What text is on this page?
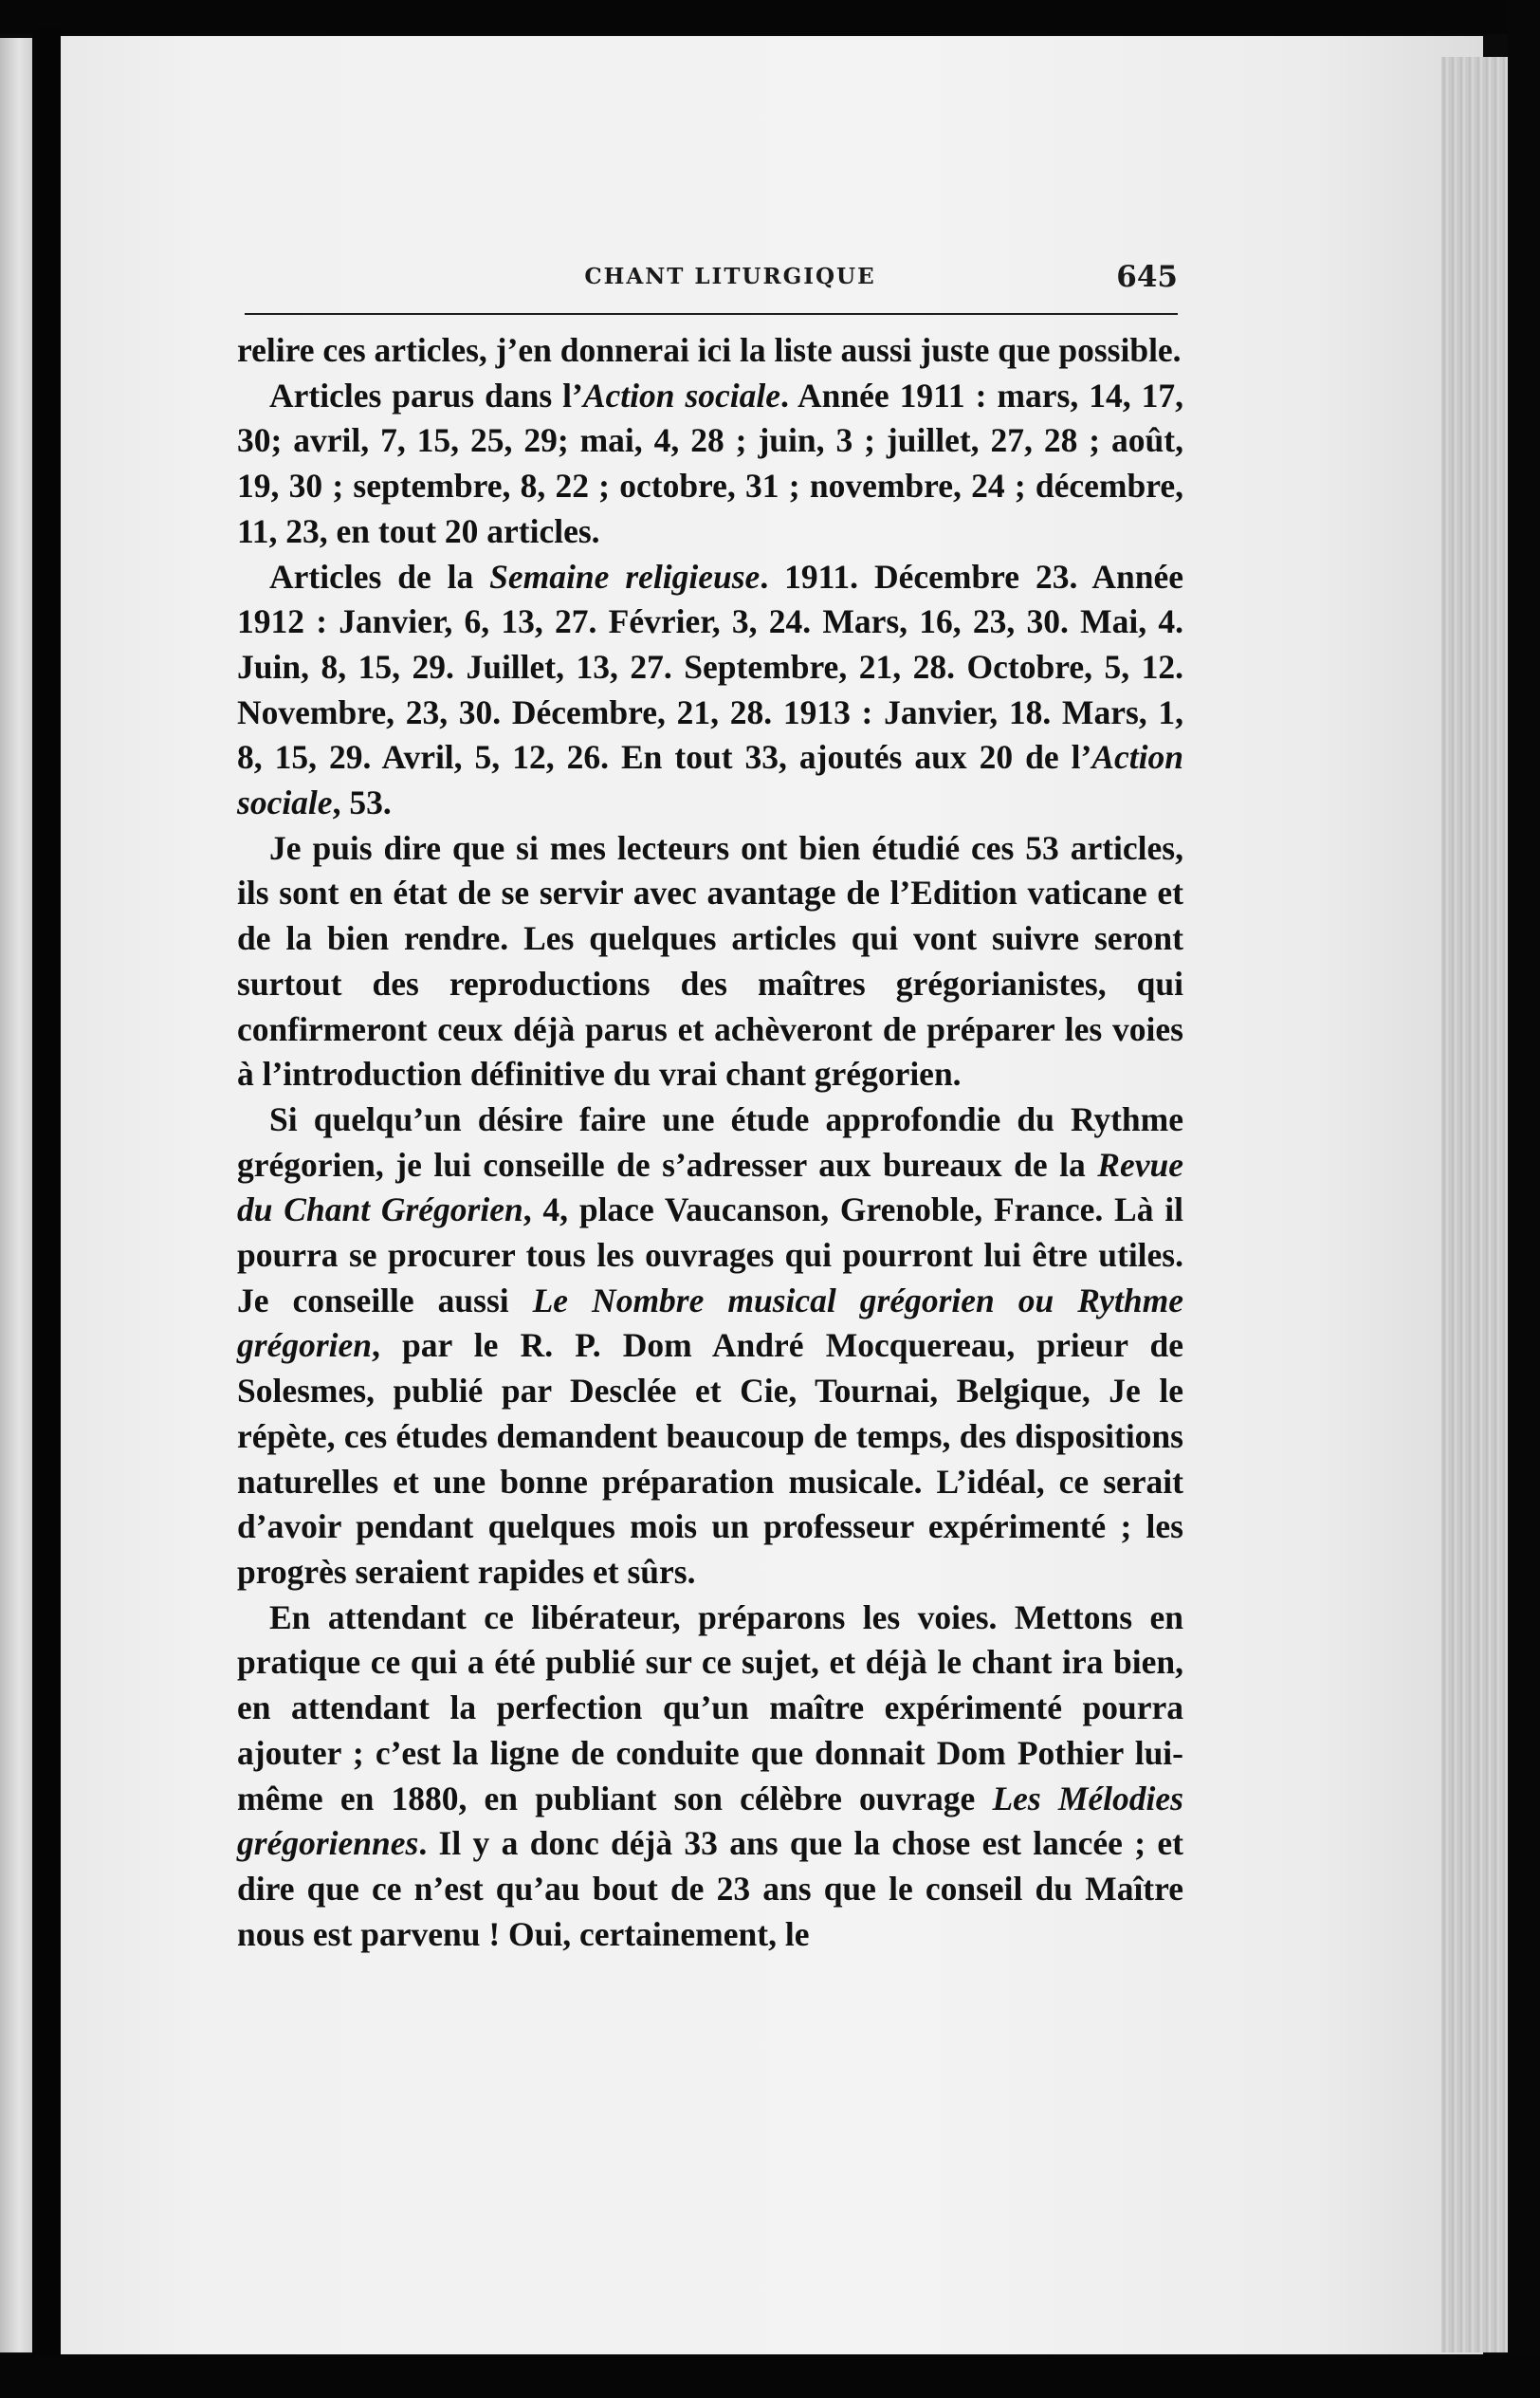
CHANT LITURGIQUE	645

relire ces articles, j’en donnerai ici la liste aussi juste que possible.

Articles parus dans l’Action sociale. Année 1911 : mars, 14, 17, 30; avril, 7, 15, 25, 29; mai, 4, 28 ; juin, 3 ; juillet, 27, 28 ; août, 19, 30 ; septembre, 8, 22 ; octobre, 31 ; novembre, 24 ; décembre, 11, 23, en tout 20 articles.

Articles de la Semaine religieuse. 1911. Décembre 23. Année 1912 : Janvier, 6, 13, 27. Février, 3, 24. Mars, 16, 23, 30. Mai, 4. Juin, 8, 15, 29. Juillet, 13, 27. Septembre, 21, 28. Octobre, 5, 12. Novembre, 23, 30. Décembre, 21, 28. 1913 : Janvier, 18. Mars, 1, 8, 15, 29. Avril, 5, 12, 26. En tout 33, ajoutés aux 20 de l’Action sociale, 53.

Je puis dire que si mes lecteurs ont bien étudié ces 53 articles, ils sont en état de se servir avec avantage de l’Edition vaticane et de la bien rendre. Les quelques articles qui vont suivre seront surtout des reproductions des maîtres grégorianistes, qui confirmeront ceux déjà parus et achèveront de préparer les voies à l’introduction définitive du vrai chant grégorien.

Si quelqu’un désire faire une étude approfondie du Rythme grégorien, je lui conseille de s’adresser aux bureaux de la Revue du Chant Grégorien, 4, place Vaucanson, Grenoble, France. Là il pourra se procurer tous les ouvrages qui pourront lui être utiles. Je conseille aussi Le Nombre musical grégorien ou Rythme grégorien, par le R. P. Dom André Mocquereau, prieur de Solesmes, publié par Desclée et Cie, Tournai, Belgique, Je le répète, ces études demandent beaucoup de temps, des dispositions naturelles et une bonne préparation musicale. L’idéal, ce serait d’avoir pendant quelques mois un professeur expérimenté ; les progrès seraient rapides et sûrs.

En attendant ce libérateur, préparons les voies. Mettons en pratique ce qui a été publié sur ce sujet, et déjà le chant ira bien, en attendant la perfection qu’un maître expérimenté pourra ajouter ; c’est la ligne de conduite que donnait Dom Pothier lui-même en 1880, en publiant son célèbre ouvrage Les Mélodies grégoriennes. Il y a donc déjà 33 ans que la chose est lancée ; et dire que ce n’est qu’au bout de 23 ans que le conseil du Maître nous est parvenu ! Oui, certainement, le
